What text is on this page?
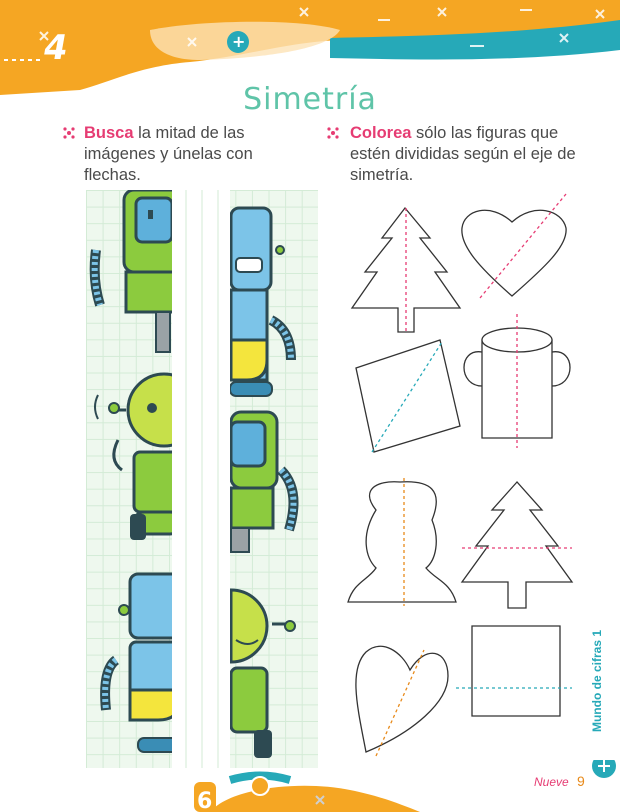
+
4
Simetría
Busca la mitad de las imágenes y únelas con flechas.
Colorea sólo las figuras que estén divididas según el eje de simetría.
Mundo de cifras 1
6
Nueve 9
